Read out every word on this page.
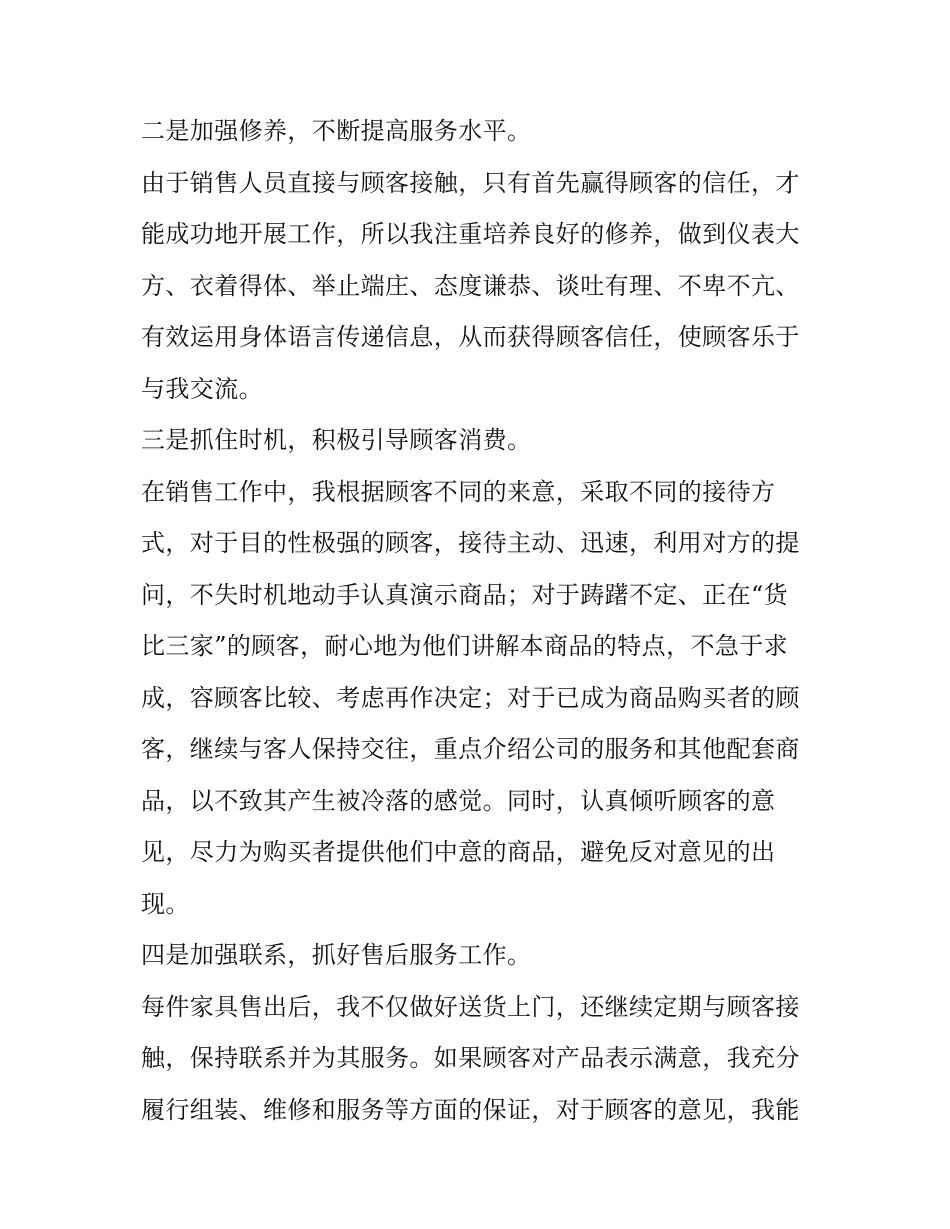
二是加强修养，不断提高服务水平。
由于销售人员直接与顾客接触，只有首先赢得顾客的信任，才
能成功地开展工作，所以我注重培养良好的修养，做到仪表大
方、衣着得体、举止端庄、态度谦恭、谈吐有理、不卑不亢、
有效运用身体语言传递信息，从而获得顾客信任，使顾客乐于
与我交流。
三是抓住时机，积极引导顾客消费。
在销售工作中，我根据顾客不同的来意，采取不同的接待方
式，对于目的性极强的顾客，接待主动、迅速，利用对方的提
问，不失时机地动手认真演示商品；对于踌躇不定、正在“货
比三家”的顾客，耐心地为他们讲解本商品的特点，不急于求
成，容顾客比较、考虑再作决定；对于已成为商品购买者的顾
客，继续与客人保持交往，重点介绍公司的服务和其他配套商
品，以不致其产生被冷落的感觉。同时，认真倾听顾客的意
见，尽力为购买者提供他们中意的商品，避免反对意见的出
现。
四是加强联系，抓好售后服务工作。
每件家具售出后，我不仅做好送货上门，还继续定期与顾客接
触，保持联系并为其服务。如果顾客对产品表示满意，我充分
履行组装、维修和服务等方面的保证，对于顾客的意见，我能
